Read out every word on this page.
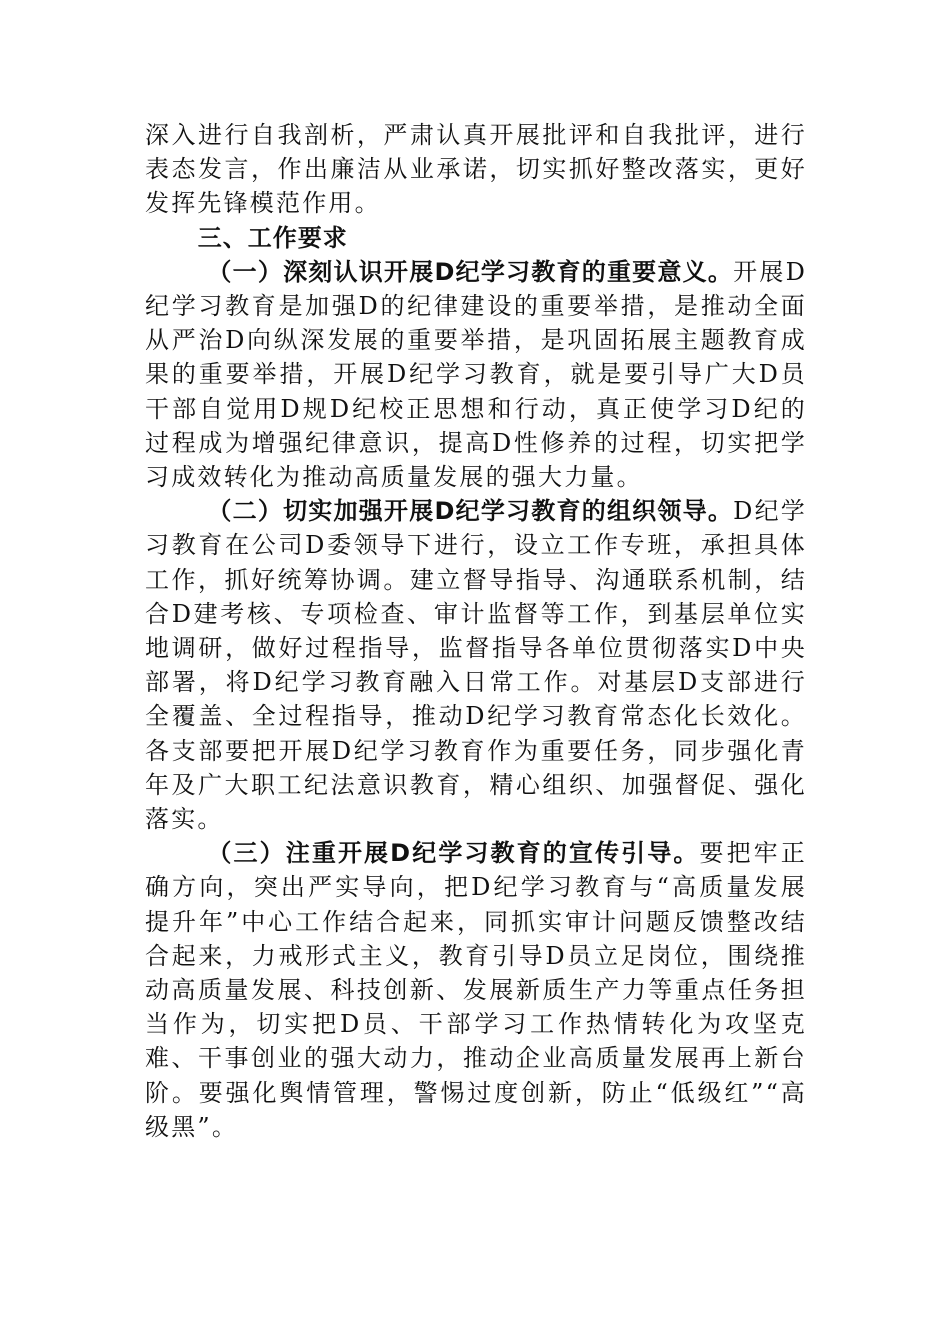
深入进行自我剖析，严肃认真开展批评和自我批评，进行表态发言，作出廉洁从业承诺，切实抓好整改落实，更好发挥先锋模范作用。

三、工作要求

（一）深刻认识开展D纪学习教育的重要意义。开展D纪学习教育是加强D的纪律建设的重要举措，是推动全面从严治D向纵深发展的重要举措，是巩固拓展主题教育成果的重要举措，开展D纪学习教育，就是要引导广大D员干部自觉用D规D纪校正思想和行动，真正使学习D纪的过程成为增强纪律意识，提高D性修养的过程，切实把学习成效转化为推动高质量发展的强大力量。

（二）切实加强开展D纪学习教育的组织领导。D纪学习教育在公司D委领导下进行，设立工作专班，承担具体工作，抓好统筹协调。建立督导指导、沟通联系机制，结合D建考核、专项检查、审计监督等工作，到基层单位实地调研，做好过程指导，监督指导各单位贯彻落实D中央部署，将D纪学习教育融入日常工作。对基层D支部进行全覆盖、全过程指导，推动D纪学习教育常态化长效化。各支部要把开展D纪学习教育作为重要任务，同步强化青年及广大职工纪法意识教育，精心组织、加强督促、强化落实。

（三）注重开展D纪学习教育的宣传引导。要把牢正确方向，突出严实导向，把D纪学习教育与“高质量发展提升年”中心工作结合起来，同抓实审计问题反馈整改结合起来，力戒形式主义，教育引导D员立足岗位，围绕推动高质量发展、科技创新、发展新质生产力等重点任务担当作为，切实把D员、干部学习工作热情转化为攻坚克难、干事创业的强大动力，推动企业高质量发展再上新台阶。要强化舆情管理，警惕过度创新，防止“低级红”“高级黑”。
